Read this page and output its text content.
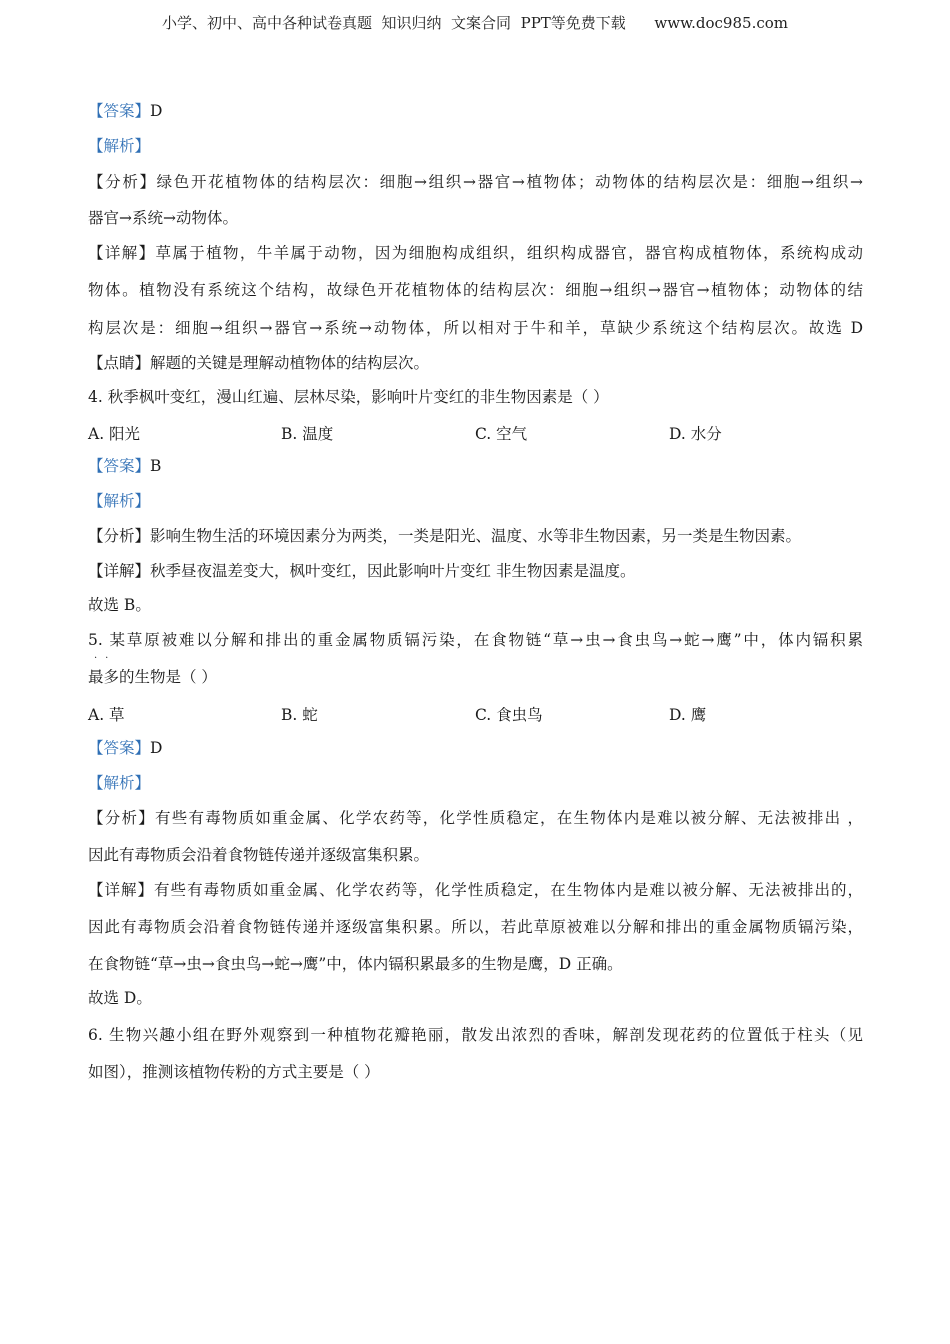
小学、初中、高中各种试卷真题  知识归纳  文案合同  PPT等免费下载      www.doc985.com
【答案】D
【解析】
【分析】绿色开花植物体的结构层次：细胞→组织→器官→植物体；动物体的结构层次是：细胞→组织→
器官→系统→动物体。
【详解】草属于植物，牛羊属于动物，因为细胞构成组织，组织构成器官，器官构成植物体，系统构成动
物体。植物没有系统这个结构，故绿色开花植物体的结构层次：细胞→组织→器官→植物体；动物体的结
构层次是：细胞→组织→器官→系统→动物体，所以相对于牛和羊，草缺少系统这个结构层次。故选 D
【点睛】解题的关键是理解动植物体的结构层次。
4. 秋季枫叶变红，漫山红遍、层林尽染，影响叶片变红的非生物因素是（ ）
A. 阳光	B. 温度	C. 空气	D. 水分
【答案】B
【解析】
【分析】影响生物生活的环境因素分为两类，一类是阳光、温度、水等非生物因素，另一类是生物因素。
【详解】秋季昼夜温差变大，枫叶变红，因此影响叶片变红 非生物因素是温度。
故选 B。
5. 某草原被难以分解和排出的重金属物质镉污染，在食物链“草→虫→食虫鸟→蛇→鹰”中，体内镉积累
..
最多的生物是（ ）
A. 草	B. 蛇	C. 食虫鸟	D. 鹰
【答案】D
【解析】
【分析】有些有毒物质如重金属、化学农药等，化学性质稳定，在生物体内是难以被分解、无法被排出 ，
因此有毒物质会沿着食物链传递并逐级富集积累。
【详解】有些有毒物质如重金属、化学农药等，化学性质稳定，在生物体内是难以被分解、无法被排出的，
因此有毒物质会沿着食物链传递并逐级富集积累。所以，若此草原被难以分解和排出的重金属物质镉污染，
在食物链“草→虫→食虫鸟→蛇→鹰”中，体内镉积累最多的生物是鹰，D 正确。
故选 D。
6. 生物兴趣小组在野外观察到一种植物花瓣艳丽，散发出浓烈的香味，解剖发现花药的位置低于柱头（见
如图），推测该植物传粉的方式主要是（ ）
